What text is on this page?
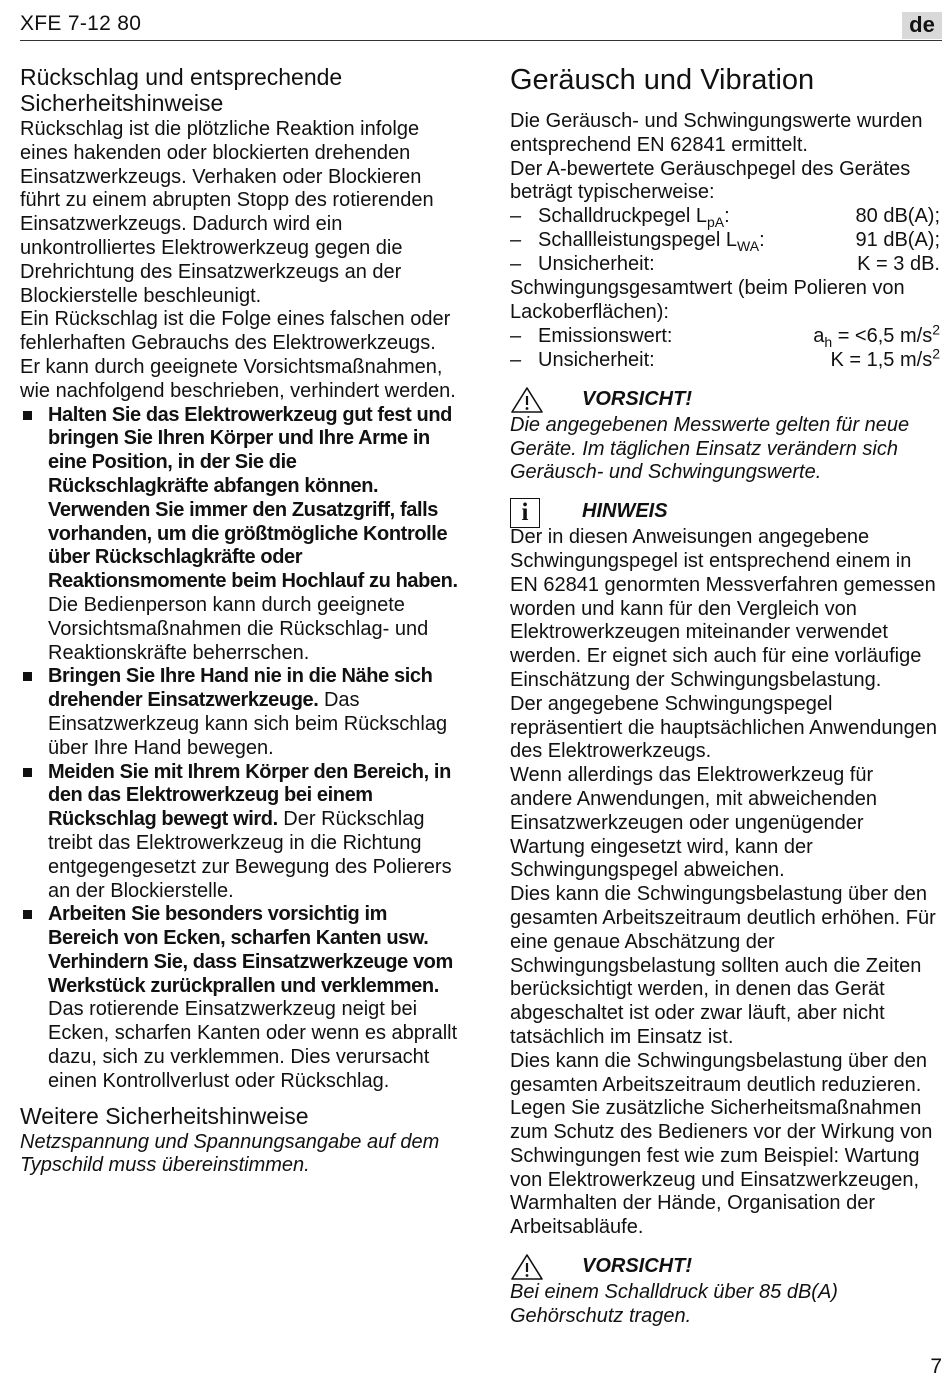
XFE 7-12 80	de
Rückschlag und entsprechende Sicherheitshinweise

Rückschlag ist die plötzliche Reaktion infolge eines hakenden oder blockierten drehenden Einsatzwerkzeugs. Verhaken oder Blockieren führt zu einem abrupten Stopp des rotierenden Einsatzwerkzeugs. Dadurch wird ein unkontrolliertes Elektrowerkzeug gegen die Drehrichtung des Einsatzwerkzeugs an der Blockierstelle beschleunigt.

Ein Rückschlag ist die Folge eines falschen oder fehlerhaften Gebrauchs des Elektrowerkzeugs. Er kann durch geeignete Vorsichtsmaßnahmen, wie nachfolgend beschrieben, verhindert werden.

Halten Sie das Elektrowerkzeug gut fest und bringen Sie Ihren Körper und Ihre Arme in eine Position, in der Sie die Rückschlagkräfte abfangen können. Verwenden Sie immer den Zusatzgriff, falls vorhanden, um die größtmögliche Kontrolle über Rückschlagkräfte oder Reaktionsmomente beim Hochlauf zu haben. Die Bedienperson kann durch geeignete Vorsichtsmaßnahmen die Rückschlag- und Reaktionskräfte beherrschen.
Bringen Sie Ihre Hand nie in die Nähe sich drehender Einsatzwerkzeuge. Das Einsatzwerkzeug kann sich beim Rückschlag über Ihre Hand bewegen.
Meiden Sie mit Ihrem Körper den Bereich, in den das Elektrowerkzeug bei einem Rückschlag bewegt wird. Der Rückschlag treibt das Elektrowerkzeug in die Richtung entgegengesetzt zur Bewegung des Polierers an der Blockierstelle.
Arbeiten Sie besonders vorsichtig im Bereich von Ecken, scharfen Kanten usw. Verhindern Sie, dass Einsatzwerkzeuge vom Werkstück zurückprallen und verklemmen. Das rotierende Einsatzwerkzeug neigt bei Ecken, scharfen Kanten oder wenn es abprallt dazu, sich zu verklemmen. Dies verursacht einen Kontrollverlust oder Rückschlag.
Weitere Sicherheitshinweise

Netzspannung und Spannungsangabe auf dem Typschild muss übereinstimmen.

Geräusch und Vibration

Die Geräusch- und Schwingungswerte wurden entsprechend EN 62841 ermittelt.

Der A-bewertete Geräuschpegel des Gerätes beträgt typischerweise:

– Schalldruckpegel $L_{pA}$:	80 dB(A);
– Schallleistungspegel $L_{WA}$:	91 dB(A);
– Unsicherheit:	K = 3 dB.

Schwingungsgesamtwert (beim Polieren von Lackoberflächen):

– Emissionswert:	$a_h = <6,5$ $m/s^2$
– Unsicherheit:	K = 1,5 $m/s^2$
VORSICHT!

Die angegebenen Messwerte gelten für neue Geräte. Im täglichen Einsatz verändern sich Geräusch- und Schwingungswerte.

i	HINWEIS

Der in diesen Anweisungen angegebene Schwingungspegel ist entsprechend einem in EN 62841 genormten Messverfahren gemessen worden und kann für den Vergleich von Elektrowerkzeugen miteinander verwendet werden. Er eignet sich auch für eine vorläufige Einschätzung der Schwingungsbelastung.

Der angegebene Schwingungspegel repräsentiert die hauptsächlichen Anwendungen des Elektrowerkzeugs.

Wenn allerdings das Elektrowerkzeug für andere Anwendungen, mit abweichenden Einsatzwerkzeugen oder ungenügender Wartung eingesetzt wird, kann der Schwingungspegel abweichen.

Dies kann die Schwingungsbelastung über den gesamten Arbeitszeitraum deutlich erhöhen. Für eine genaue Abschätzung der Schwingungsbelastung sollten auch die Zeiten berücksichtigt werden, in denen das Gerät abgeschaltet ist oder zwar läuft, aber nicht tatsächlich im Einsatz ist.

Dies kann die Schwingungsbelastung über den gesamten Arbeitszeitraum deutlich reduzieren. Legen Sie zusätzliche Sicherheitsmaßnahmen zum Schutz des Bedieners vor der Wirkung von Schwingungen fest wie zum Beispiel: Wartung von Elektrowerkzeug und Einsatzwerkzeugen, Warmhalten der Hände, Organisation der Arbeitsabläufe.

VORSICHT!

Bei einem Schalldruck über 85 dB(A) Gehörschutz tragen.

7
